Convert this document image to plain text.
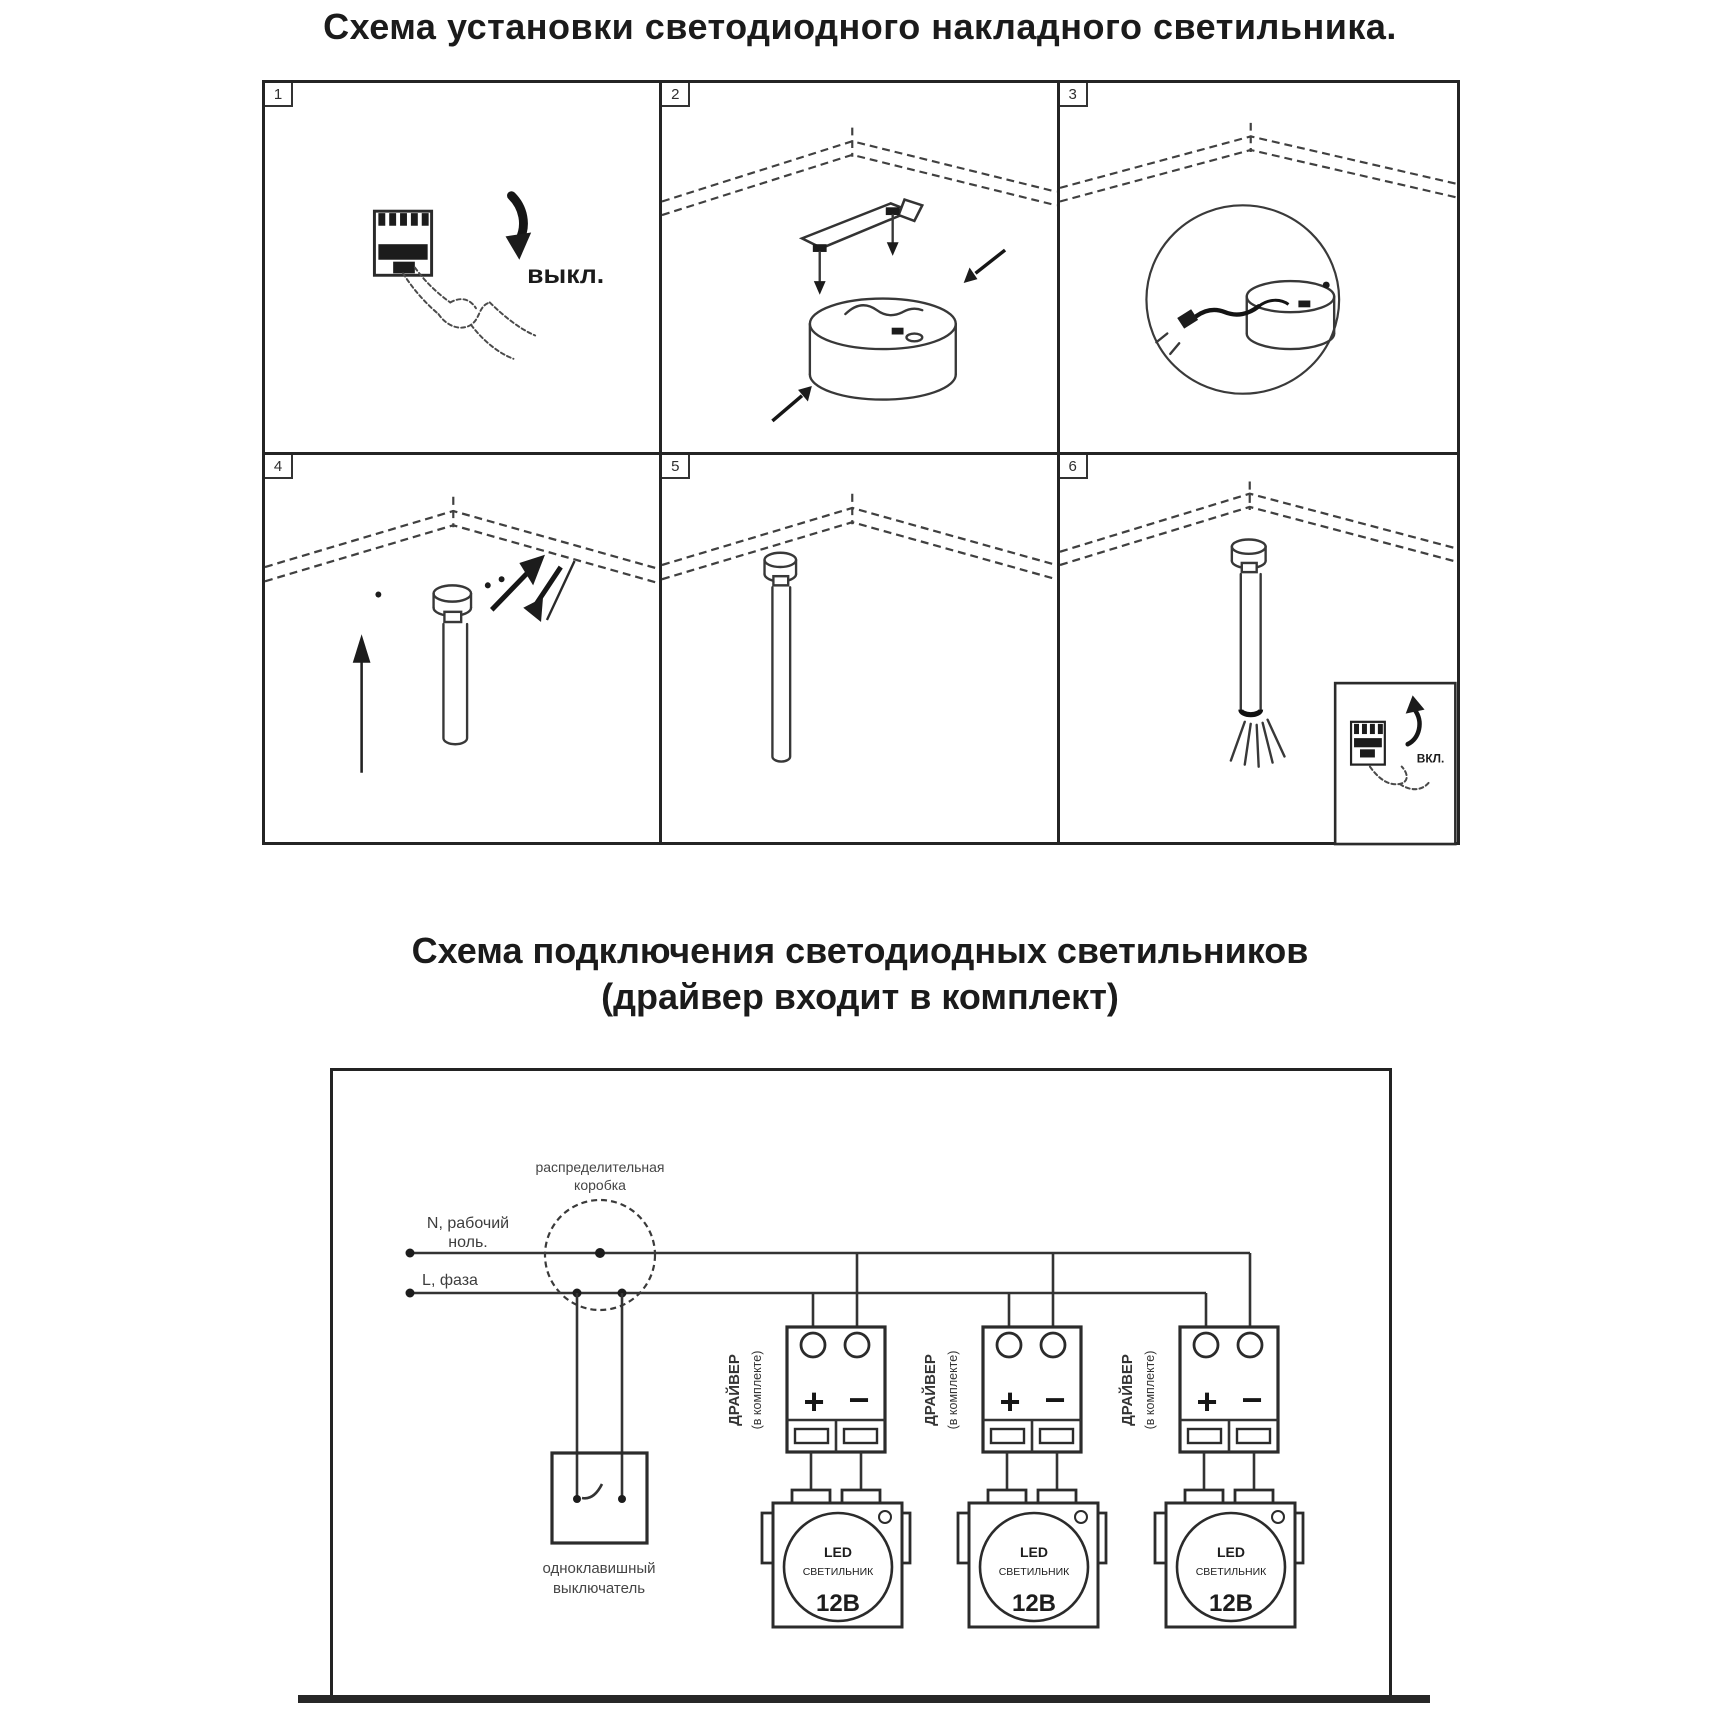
Схема установки светодиодного накладного светильника.
1
выкл.
2	3
4	5	6
ВКЛ.
Схема подключения светодиодных светильников
(драйвер входит в комплект)
+ −
LED
СВЕТИЛЬНИК
12В
ДРАЙВЕР (в комплекте)
распределительная
коробка
N, рабочий
ноль.
L, фаза
одноклавишный
выключатель
